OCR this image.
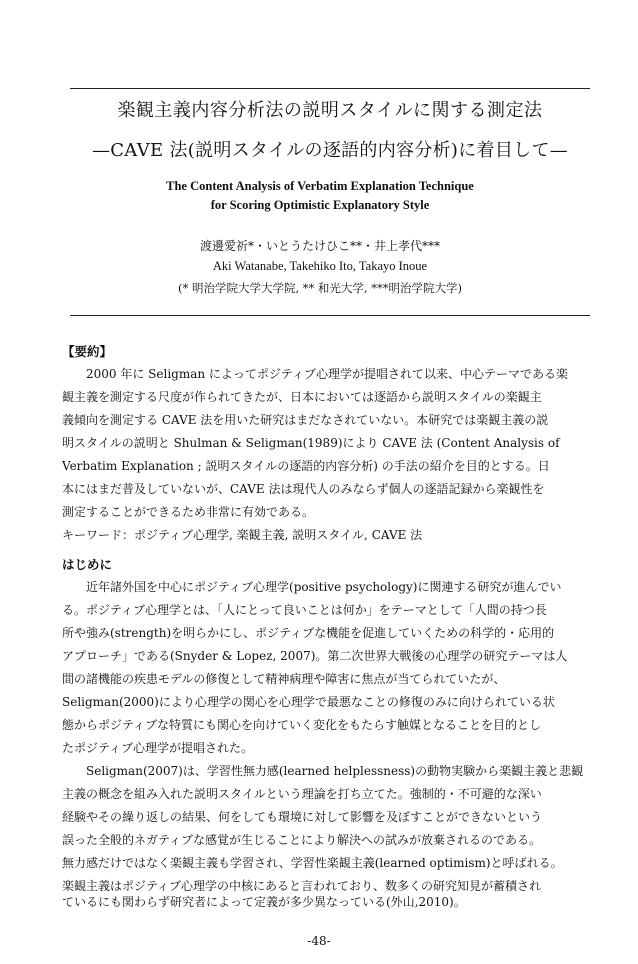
楽観主義内容分析法の説明スタイルに関する測定法
—CAVE 法(説明スタイルの逐語的内容分析)に着目して—
The Content Analysis of Verbatim Explanation Technique
for Scoring Optimistic Explanatory Style
渡邊愛祈*・いとうたけひこ**・井上孝代***
Aki Watanabe, Takehiko Ito, Takayo Inoue
(* 明治学院大学大学院, ** 和光大学, ***明治学院大学)
【要約】
2000 年に Seligman によってポジティブ心理学が提唱されて以来、中心テーマである楽
観主義を測定する尺度が作られてきたが、日本においては逐語から説明スタイルの楽観主
義傾向を測定する CAVE 法を用いた研究はまだなされていない。本研究では楽観主義の説
明スタイルの説明と Shulman & Seligman(1989)により CAVE 法 (Content Analysis of
Verbatim Explanation ; 説明スタイルの逐語的内容分析) の手法の紹介を目的とする。日
本にはまだ普及していないが、CAVE 法は現代人のみならず個人の逐語記録から楽観性を
測定することができるため非常に有効である。
キーワード：ポジティブ心理学, 楽観主義, 説明スタイル, CAVE 法
はじめに
近年諸外国を中心にポジティブ心理学(positive psychology)に関連する研究が進んでい
る。ポジティブ心理学とは、「人にとって良いことは何か」をテーマとして「人間の持つ長
所や強み(strength)を明らかにし、ポジティブな機能を促進していくための科学的・応用的
アプローチ」である(Snyder & Lopez, 2007)。第二次世界大戦後の心理学の研究テーマは人
間の諸機能の疾患モデルの修復として精神病理や障害に焦点が当てられていたが、
Seligman(2000)により心理学の関心を心理学で最悪なことの修復のみに向けられている状
態からポジティブな特質にも関心を向けていく変化をもたらす触媒となることを目的とし
たポジティブ心理学が提唱された。
Seligman(2007)は、学習性無力感(learned helplessness)の動物実験から楽観主義と悲観
主義の概念を組み入れた説明スタイルという理論を打ち立てた。強制的・不可避的な深い
経験やその繰り返しの結果、何をしても環境に対して影響を及ぼすことができないという
誤った全般的ネガティブな感覚が生じることにより解決への試みが放棄されるのである。
無力感だけではなく楽観主義も学習され、学習性楽観主義(learned optimism)と呼ばれる。
楽観主義はポジティブ心理学の中核にあると言われており、数多くの研究知見が蓄積され
ているにも関わらず研究者によって定義が多少異なっている(外山,2010)。
-48-
